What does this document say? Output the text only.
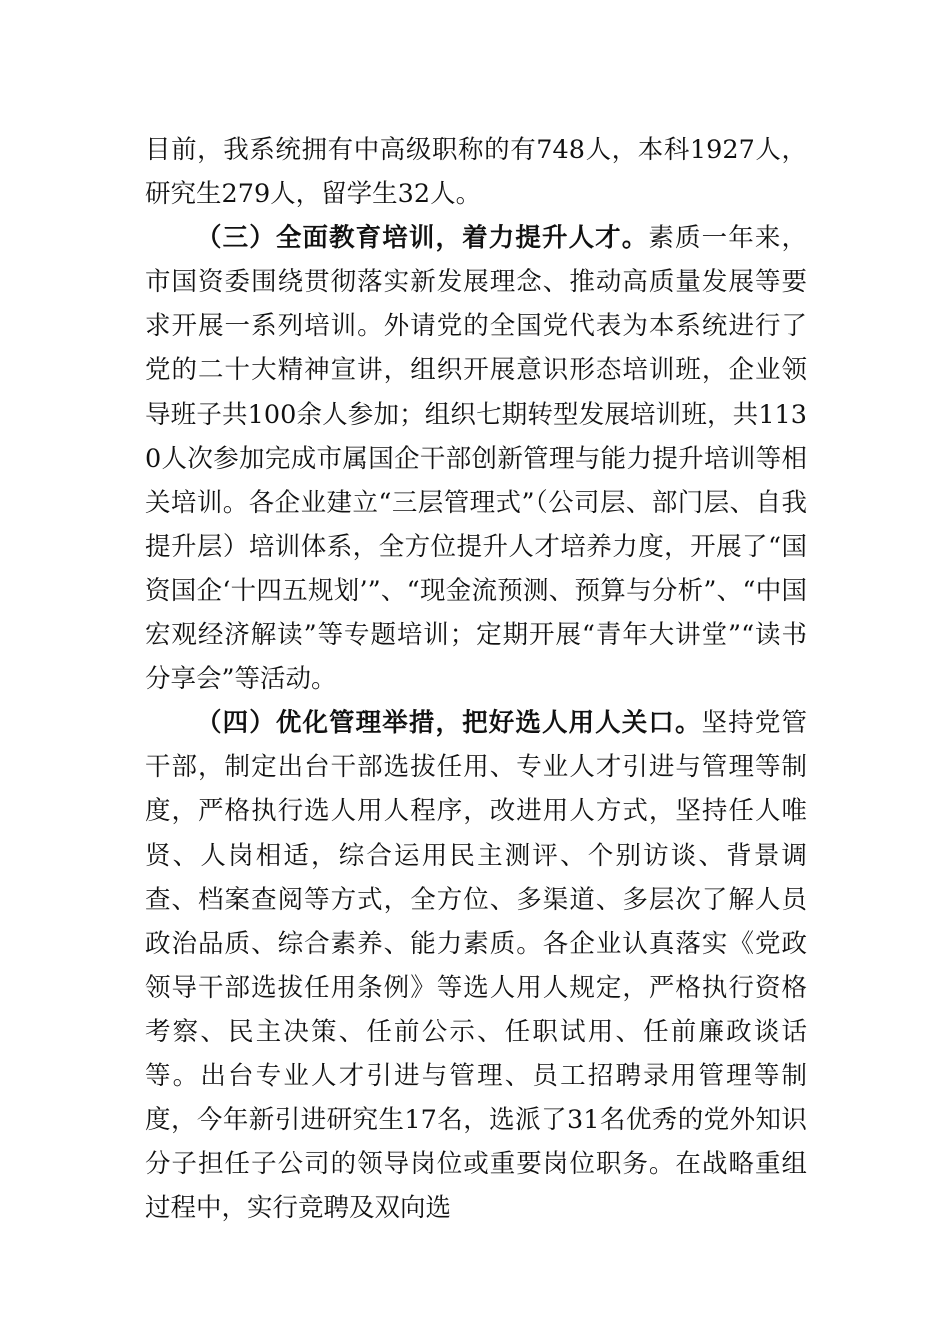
目前，我系统拥有中高级职称的有748人，本科1927人，研究生279人，留学生32人。

（三）全面教育培训，着力提升人才。素质一年来，市国资委围绕贯彻落实新发展理念、推动高质量发展等要求开展一系列培训。外请党的全国党代表为本系统进行了党的二十大精神宣讲，组织开展意识形态培训班，企业领导班子共100余人参加；组织七期转型发展培训班，共1130人次参加完成市属国企干部创新管理与能力提升培训等相关培训。各企业建立“三层管理式”（公司层、部门层、自我提升层）培训体系，全方位提升人才培养力度，开展了“国资国企‘十四五规划’”、“现金流预测、预算与分析”、“中国宏观经济解读”等专题培训；定期开展“青年大讲堂”“读书分享会”等活动。

（四）优化管理举措，把好选人用人关口。坚持党管干部，制定出台干部选拔任用、专业人才引进与管理等制度，严格执行选人用人程序，改进用人方式，坚持任人唯贤、人岗相适，综合运用民主测评、个别访谈、背景调查、档案查阅等方式，全方位、多渠道、多层次了解人员政治品质、综合素养、能力素质。各企业认真落实《党政领导干部选拔任用条例》等选人用人规定，严格执行资格考察、民主决策、任前公示、任职试用、任前廉政谈话等。出台专业人才引进与管理、员工招聘录用管理等制度，今年新引进研究生17名，选派了31名优秀的党外知识分子担任子公司的领导岗位或重要岗位职务。在战略重组过程中，实行竞聘及双向选
